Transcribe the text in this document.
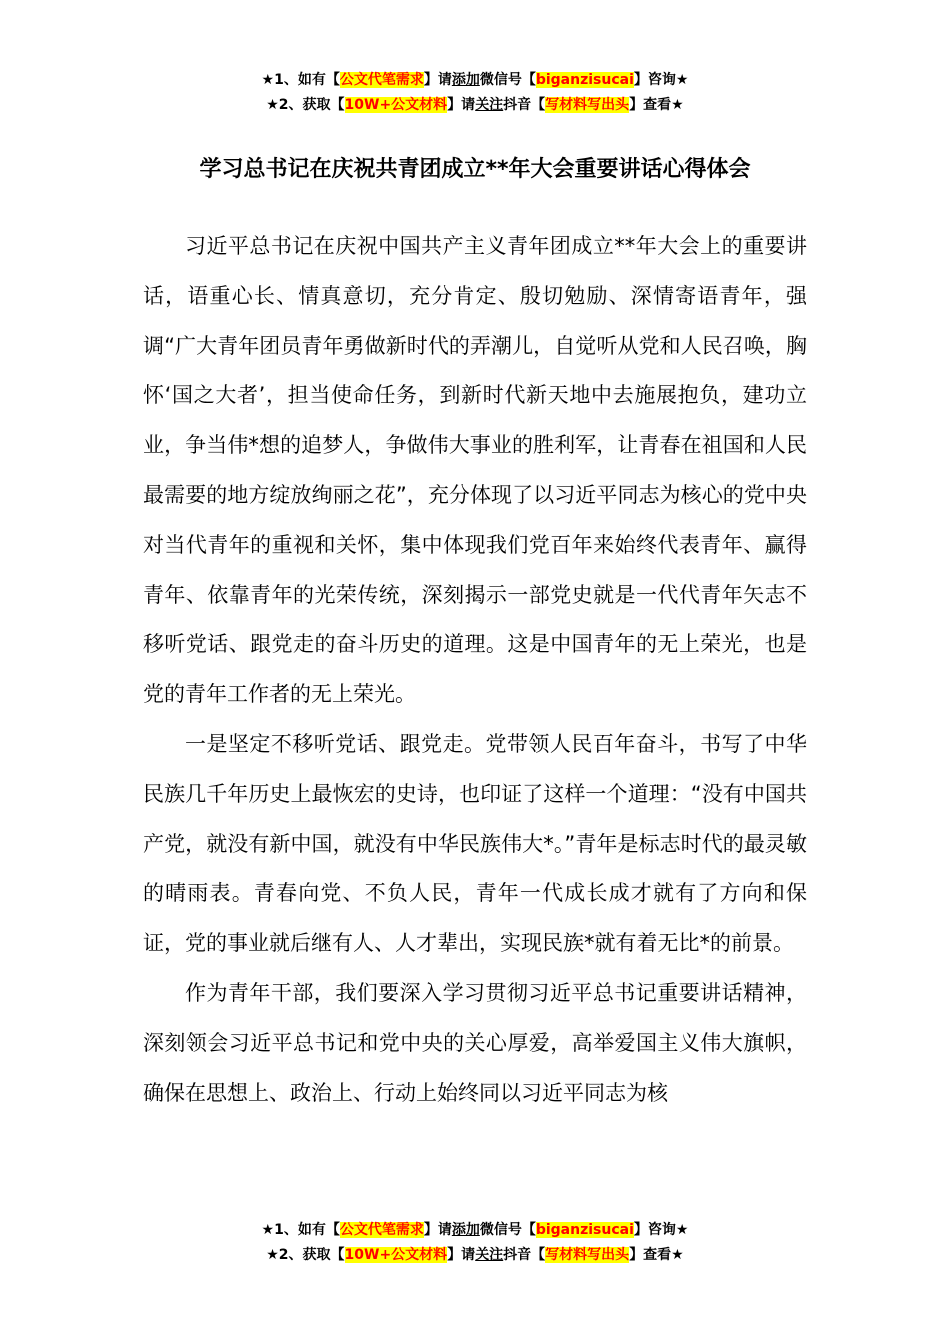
★1、如有【公文代笔需求】请添加微信号【biganzisucai】咨询★
★2、获取【10W+公文材料】请关注抖音【写材料写出头】查看★
学习总书记在庆祝共青团成立**年大会重要讲话心得体会

习近平总书记在庆祝中国共产主义青年团成立**年大会上的重要讲话，语重心长、情真意切，充分肯定、殷切勉励、深情寄语青年，强调“广大青年团员青年勇做新时代的弄潮儿，自觉听从党和人民召唤，胸怀‘国之大者’，担当使命任务，到新时代新天地中去施展抱负，建功立业，争当伟*想的追梦人，争做伟大事业的胜利军，让青春在祖国和人民最需要的地方绽放绚丽之花”，充分体现了以习近平同志为核心的党中央对当代青年的重视和关怀，集中体现我们党百年来始终代表青年、赢得青年、依靠青年的光荣传统，深刻揭示一部党史就是一代代青年矢志不移听党话、跟党走的奋斗历史的道理。这是中国青年的无上荣光，也是党的青年工作者的无上荣光。

一是坚定不移听党话、跟党走。党带领人民百年奋斗，书写了中华民族几千年历史上最恢宏的史诗，也印证了这样一个道理：“没有中国共产党，就没有新中国，就没有中华民族伟大*。”青年是标志时代的最灵敏的晴雨表。青春向党、不负人民，青年一代成长成才就有了方向和保证，党的事业就后继有人、人才辈出，实现民族*就有着无比*的前景。

作为青年干部，我们要深入学习贯彻习近平总书记重要讲话精神，深刻领会习近平总书记和党中央的关心厚爱，高举爱国主义伟大旗帜，确保在思想上、政治上、行动上始终同以习近平同志为核

★1、如有【公文代笔需求】请添加微信号【biganzisucai】咨询★
★2、获取【10W+公文材料】请关注抖音【写材料写出头】查看★
